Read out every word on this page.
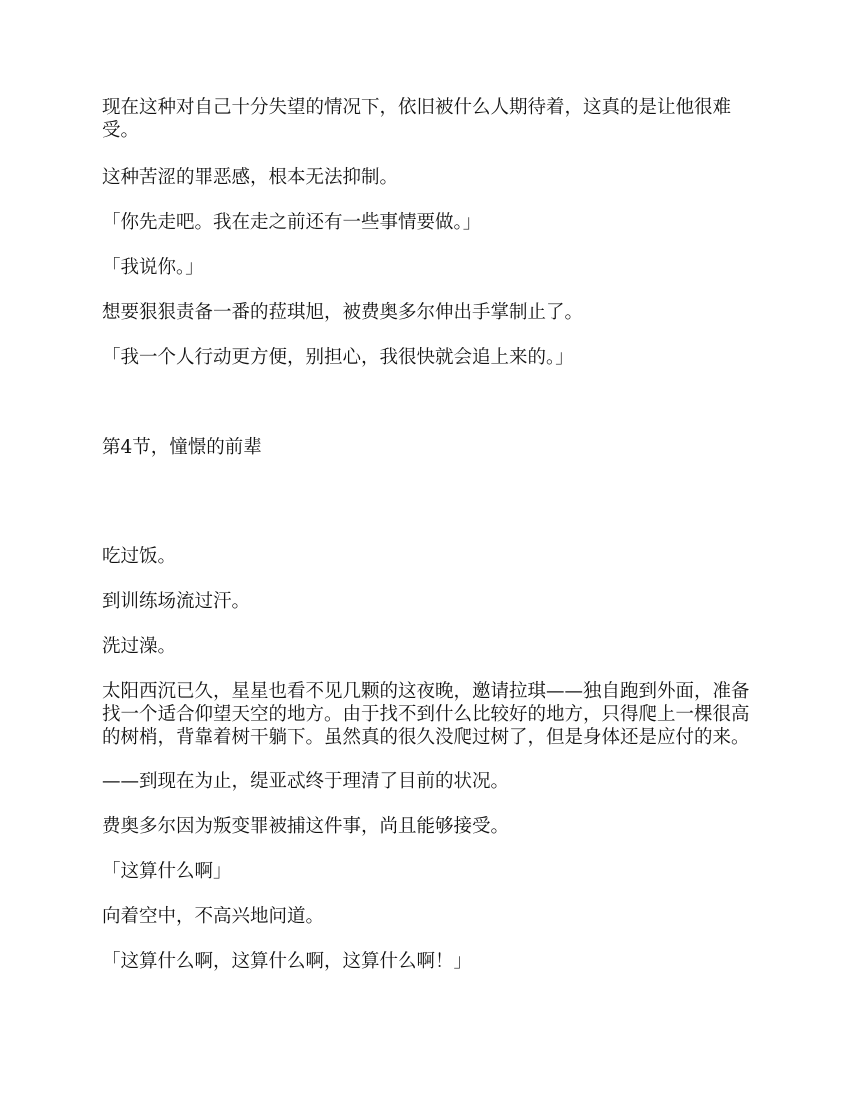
现在这种对自己十分失望的情况下，依旧被什么人期待着，这真的是让他很难受。

这种苦涩的罪恶感，根本无法抑制。

「你先走吧。我在走之前还有一些事情要做。」

「我说你。」

想要狠狠责备一番的菈琪旭，被费奥多尔伸出手掌制止了。

「我一个人行动更方便，别担心，我很快就会追上来的。」

第4节，憧憬的前辈

吃过饭。

到训练场流过汗。

洗过澡。

太阳西沉已久，星星也看不见几颗的这夜晚，邀请拉琪——独自跑到外面，准备找一个适合仰望天空的地方。由于找不到什么比较好的地方，只得爬上一棵很高的树梢，背靠着树干躺下。虽然真的很久没爬过树了，但是身体还是应付的来。

——到现在为止，缇亚忒终于理清了目前的状况。

费奥多尔因为叛变罪被捕这件事，尚且能够接受。

「这算什么啊」

向着空中，不高兴地问道。

「这算什么啊，这算什么啊，这算什么啊！」
